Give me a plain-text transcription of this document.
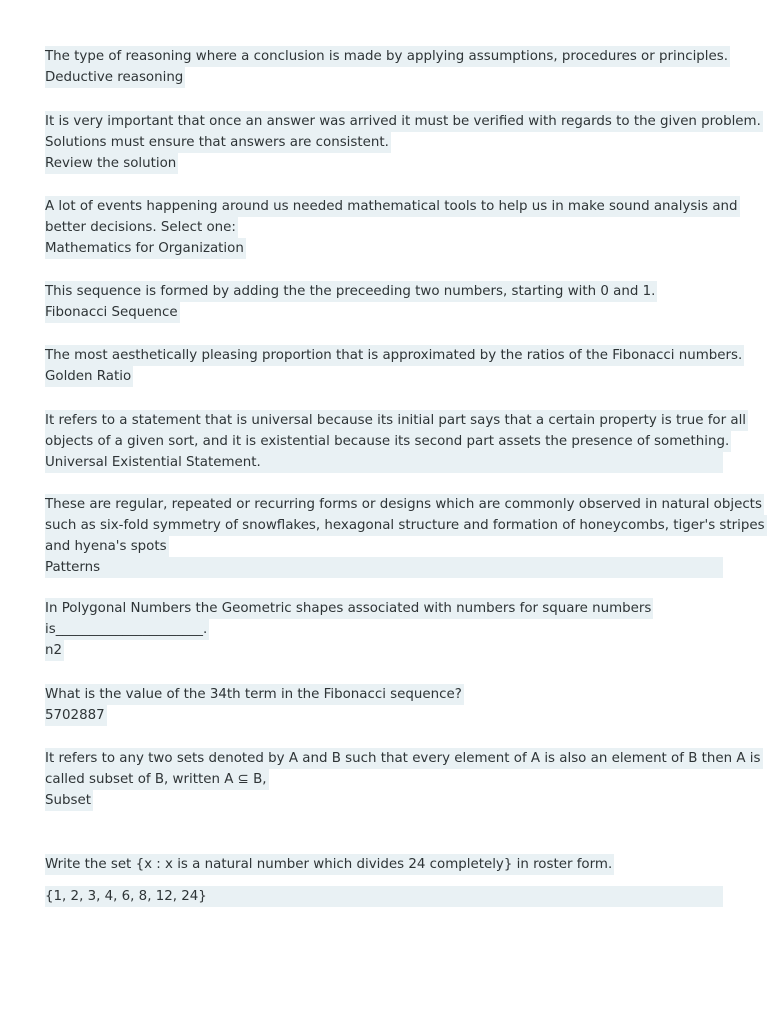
The type of reasoning where a conclusion is made by applying assumptions, procedures or principles.
Deductive reasoning
It is very important that once an answer was arrived it must be verified with regards to the given problem.
Solutions must ensure that answers are consistent.
Review the solution
A lot of events happening around us needed mathematical tools to help us in make sound analysis and
better decisions. Select one:
Mathematics for Organization
This sequence is formed by adding the the preceeding two numbers, starting with 0 and 1.
Fibonacci Sequence
The most aesthetically pleasing proportion that is approximated by the ratios of the Fibonacci numbers.
Golden Ratio
It refers to a statement that is universal because its initial part says that a certain property is true for all
objects of a given sort, and it is existential because its second part assets the presence of something.
Universal Existential Statement.
These are regular, repeated or recurring forms or designs which are commonly observed in natural objects
such as six-fold symmetry of snowflakes, hexagonal structure and formation of honeycombs, tiger's stripes
and hyena's spots
Patterns
In Polygonal Numbers the Geometric shapes associated with numbers for square numbers
is______________________.
n2
What is the value of the 34th term in the Fibonacci sequence?
5702887
It refers to any two sets denoted by A and B such that every element of A is also an element of B then A is
called subset of B, written A ⊆ B,
Subset
Write the set {x : x is a natural number which divides 24 completely} in roster form.
{1, 2, 3, 4, 6, 8, 12, 24}
